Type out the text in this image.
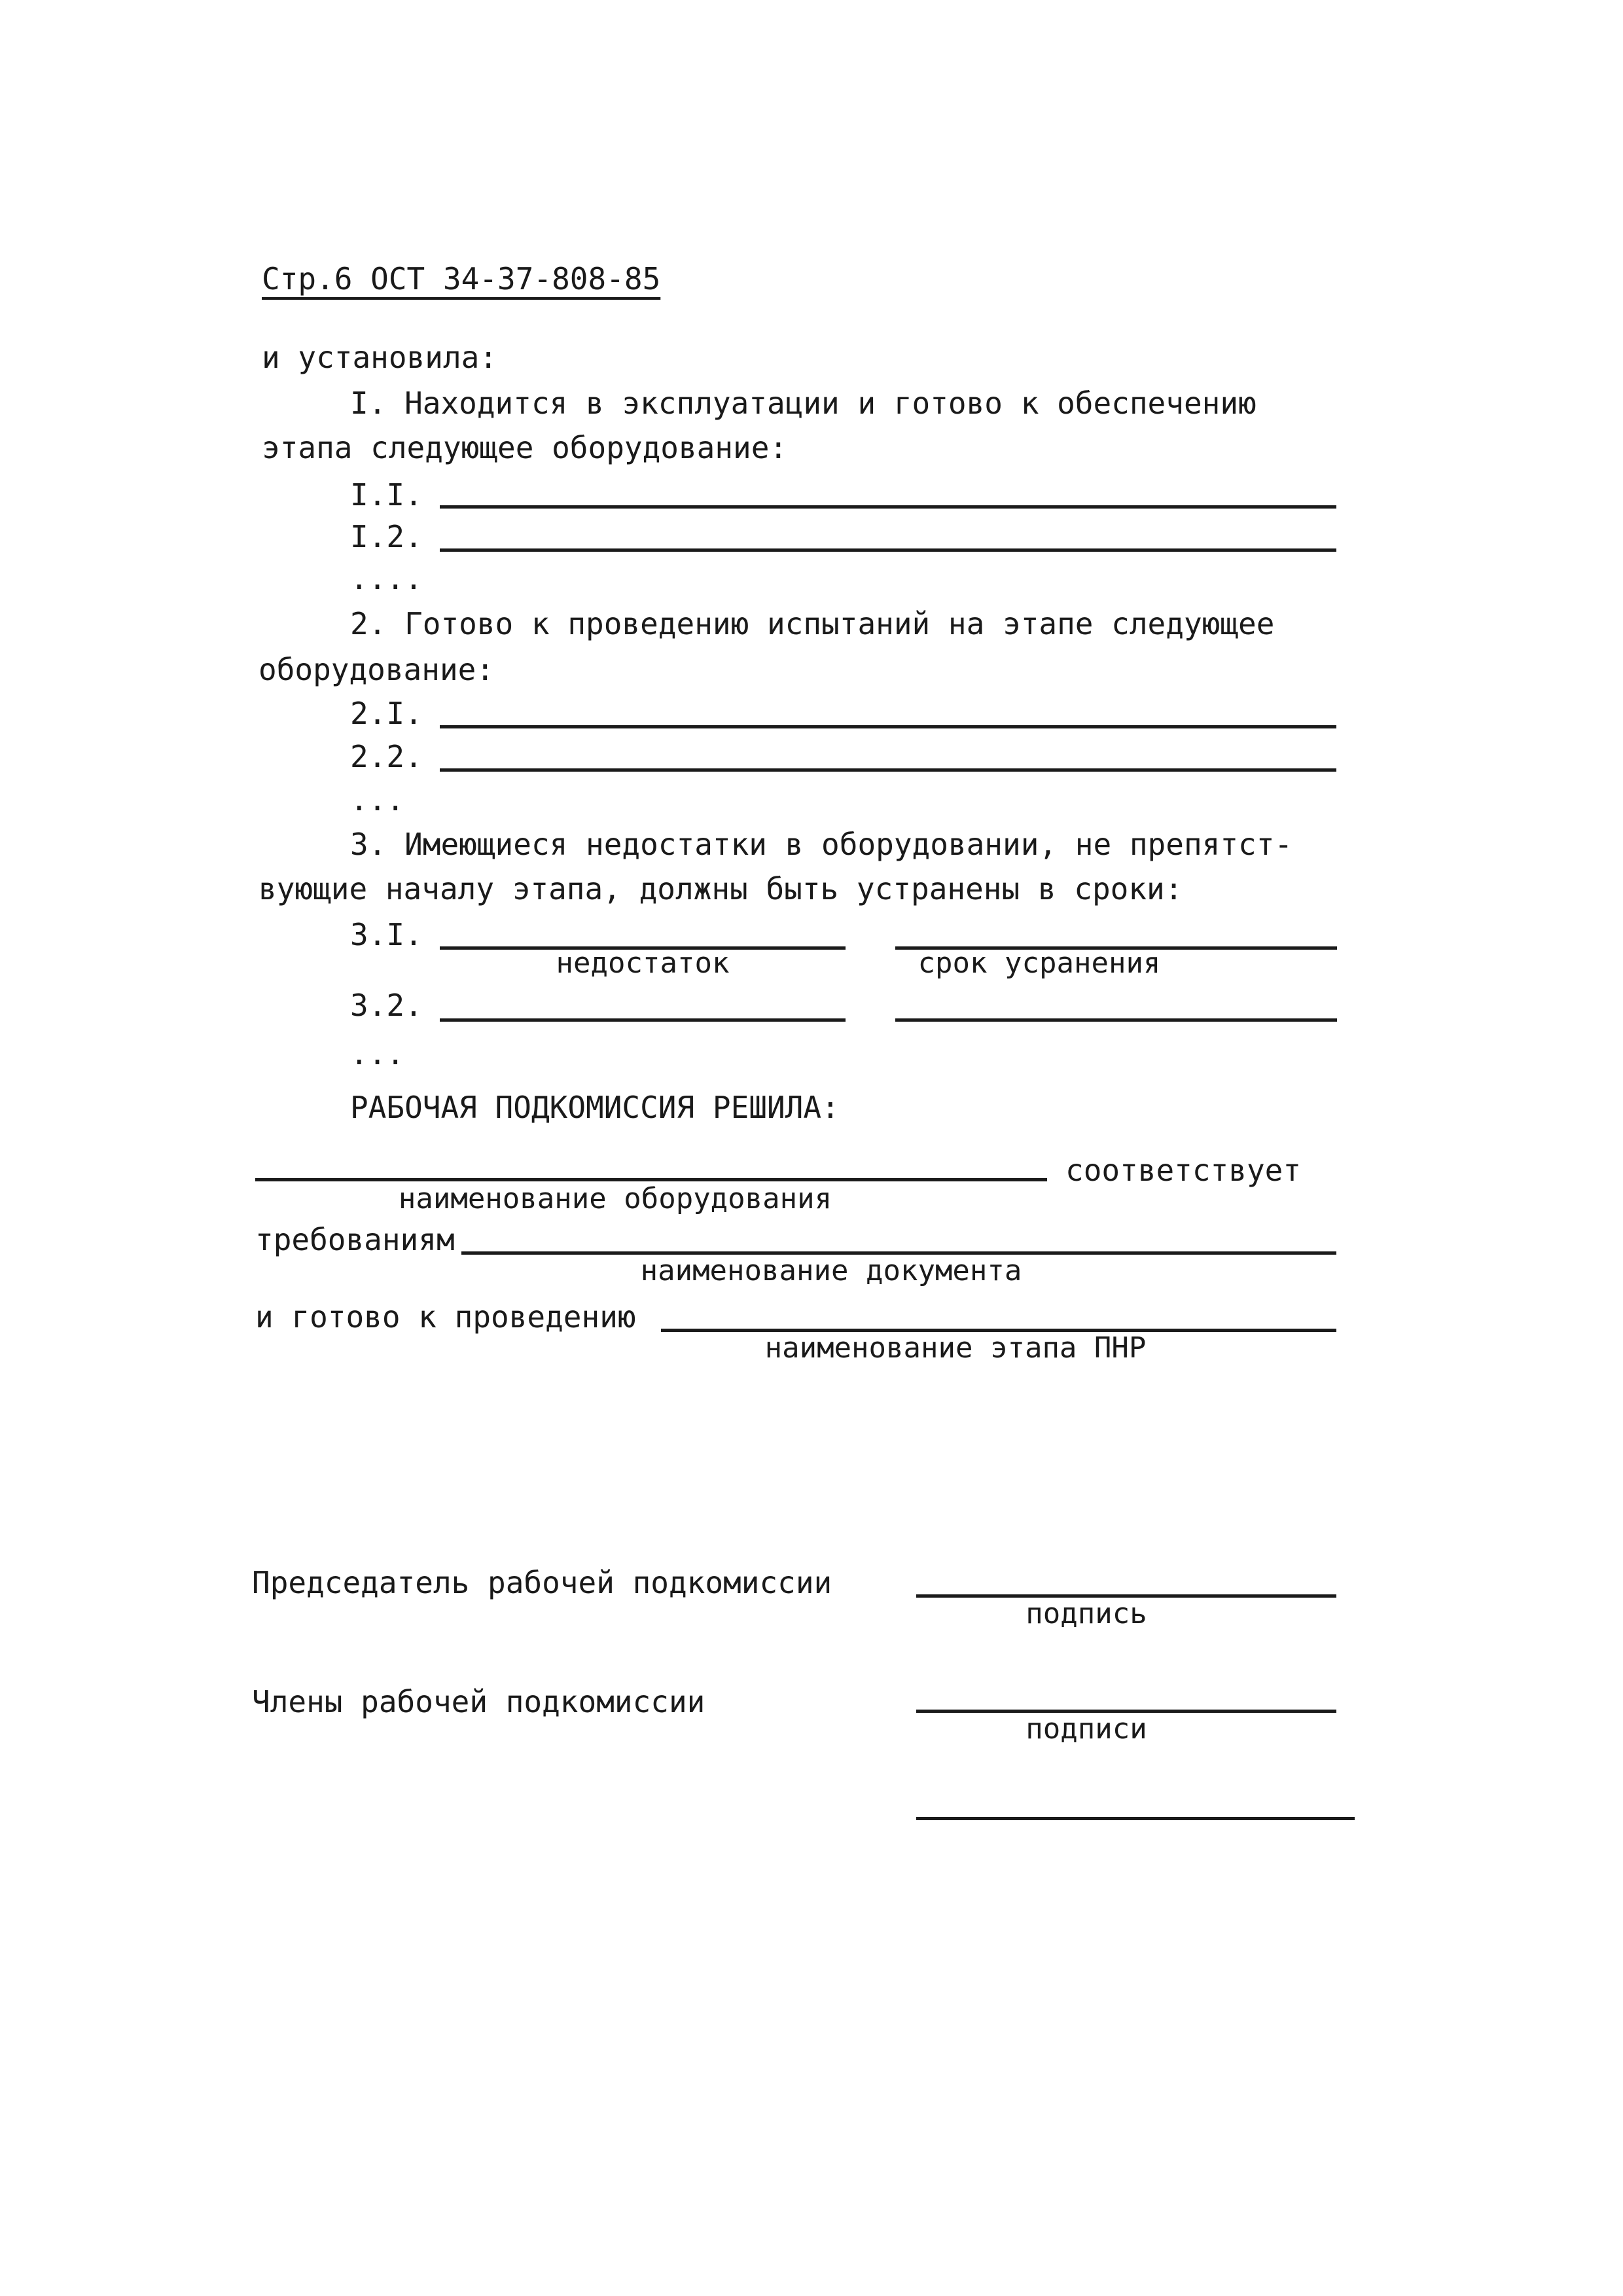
Стр.6 ОСТ 34-37-808-85
и установила:
I. Находится в эксплуатации и готово к обеспечению
этапа следующее оборудование:
I.I.
I.2.
....
2. Готово к проведению испытаний на этапе следующее
оборудование:
2.I.
2.2.
...
3. Имеющиеся недостатки в оборудовании, не препятст-
вующие началу этапа, должны быть устранены в сроки:
3.I.
недостаток	срок усранения
3.2.
...
РАБОЧАЯ ПОДКОМИССИЯ РЕШИЛА:
соответствует
наименование оборудования
требованиям
наименование документа
и готово к проведению
наименование этапа ПНР
Председатель рабочей подкомиссии
подпись
Члены рабочей подкомиссии
подписи
